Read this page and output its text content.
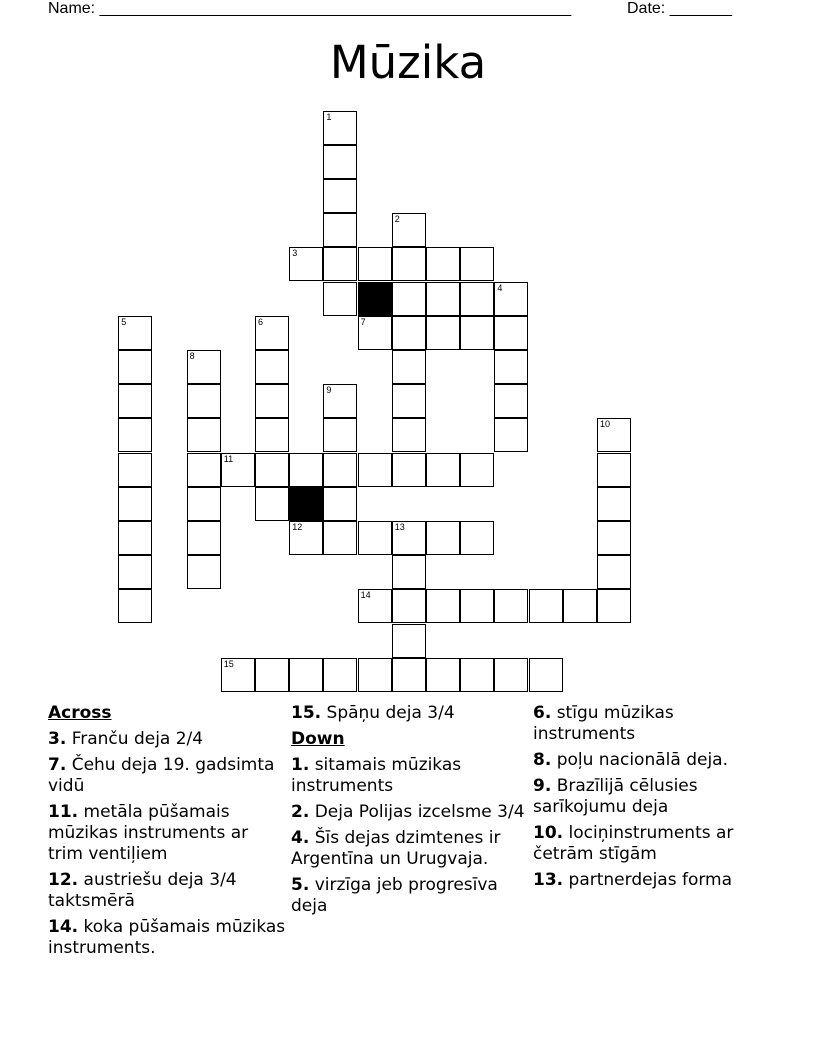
Name: _____________________________________________________	Date: _______
Mūzika
1
2
3
4
5	6	7
8
9
10
11
12	13
14
15
Across
3. Franču deja 2/4
7. Čehu deja 19. gadsimta vidū
11. metāla pūšamais mūzikas instruments ar trim ventiļiem
12. austriešu deja 3/4 taktsmērā
14. koka pūšamais mūzikas instruments.
15. Spāņu deja 3/4
Down
1. sitamais mūzikas instruments
2. Deja Polijas izcelsme 3/4
4. Šīs dejas dzimtenes ir Argentīna un Urugvaja.
5. virzīga jeb progresīva deja
6. stīgu mūzikas instruments
8. poļu nacionālā deja.
9. Brazīlijā cēlusies sarīkojumu deja
10. lociņinstruments ar četrām stīgām
13. partnerdejas forma
